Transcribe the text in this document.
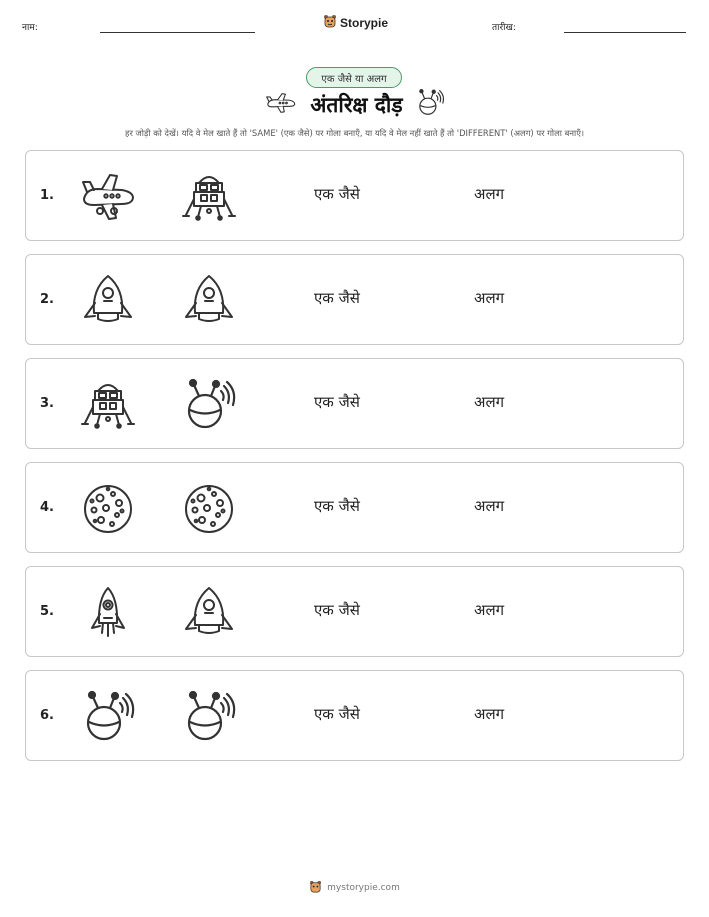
नाम:	Storypie	तारीख:
एक जैसे या अलग
अंतरिक्ष दौड़
हर जोड़ी को देखें। यदि वे मेल खाते हैं तो 'SAME' (एक जैसे) पर गोला बनाएँ, या यदि वे मेल नहीं खाते हैं तो 'DIFFERENT' (अलग) पर गोला बनाएँ।
1.	एक जैसे	अलग
2.	एक जैसे	अलग
3.	एक जैसे	अलग
4.	एक जैसे	अलग
5.	एक जैसे	अलग
6.	एक जैसे	अलग
mystorypie.com
